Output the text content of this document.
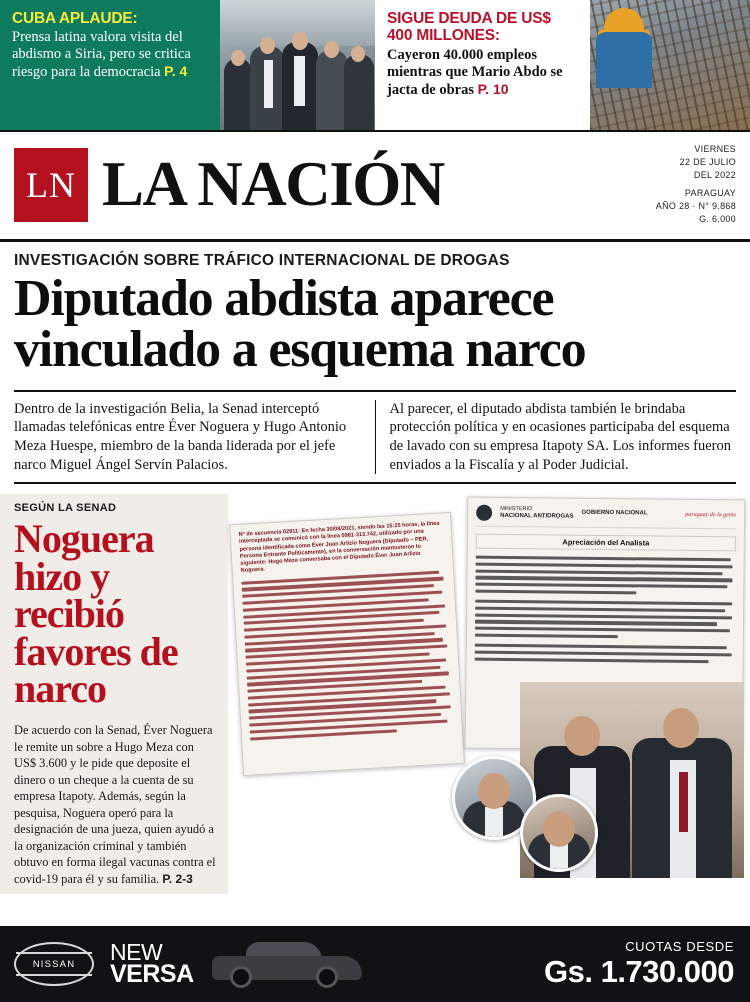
CUBA APLAUDE:
Prensa latina valora visita del abdismo a Siria, pero se critica riesgo para la democracia P. 4
SIGUE DEUDA DE US$ 400 MILLONES:
Cayeron 40.000 empleos mientras que Mario Abdo se jacta de obras P. 10
LN LA NACIÓN
VIERNES
22 DE JULIO
DEL 2022
PARAGUAY
AÑO 28 · N° 9.868
G. 6.000
INVESTIGACIÓN SOBRE TRÁFICO INTERNACIONAL DE DROGAS
Diputado abdista aparece
vinculado a esquema narco
Dentro de la investigación Belia, la Senad interceptó llamadas telefónicas entre Éver Noguera y Hugo Antonio Meza Huespe, miembro de la banda liderada por el jefe narco Miguel Ángel Servín Palacios.
Al parecer, el diputado abdista también le brindaba protección política y en ocasiones participaba del esquema de lavado con su empresa Itapoty SA. Los informes fueron enviados a la Fiscalía y al Poder Judicial.
SEGÚN LA SENAD
Noguera hizo y recibió favores de narco
De acuerdo con la Senad, Éver Noguera le remite un sobre a Hugo Meza con US$ 3.600 y le pide que deposite el dinero o un cheque a la cuenta de su empresa Itapoty. Además, según la pesquisa, Noguera operó para la designación de una jueza, quien ayudó a la organización criminal y también obtuvo en forma ilegal vacunas contra el covid-19 para él y su familia. P. 2-3
Nº de secuencia 02911: En fecha 30/08/2021, siendo las 15:25 horas, la línea interceptada se comunicó con la línea 0981-313.742, utilizado por una persona identificada como Éver Juan Arlizio Noguera (Diputado – PER, Persona Entrante Políticamente), en la conversación mantuvieron lo siguiente: Hugo Meza conversaba con el Diputado Éver Juan Arlizio Noguera.
MINISTERIO
NACIONAL ANTIDROGAS GOBIERNO NACIONAL	paraguay de la gente
Apreciación del Analista
NISSAN NEW
VERSA
CUOTAS DESDE
Gs. 1.730.000
